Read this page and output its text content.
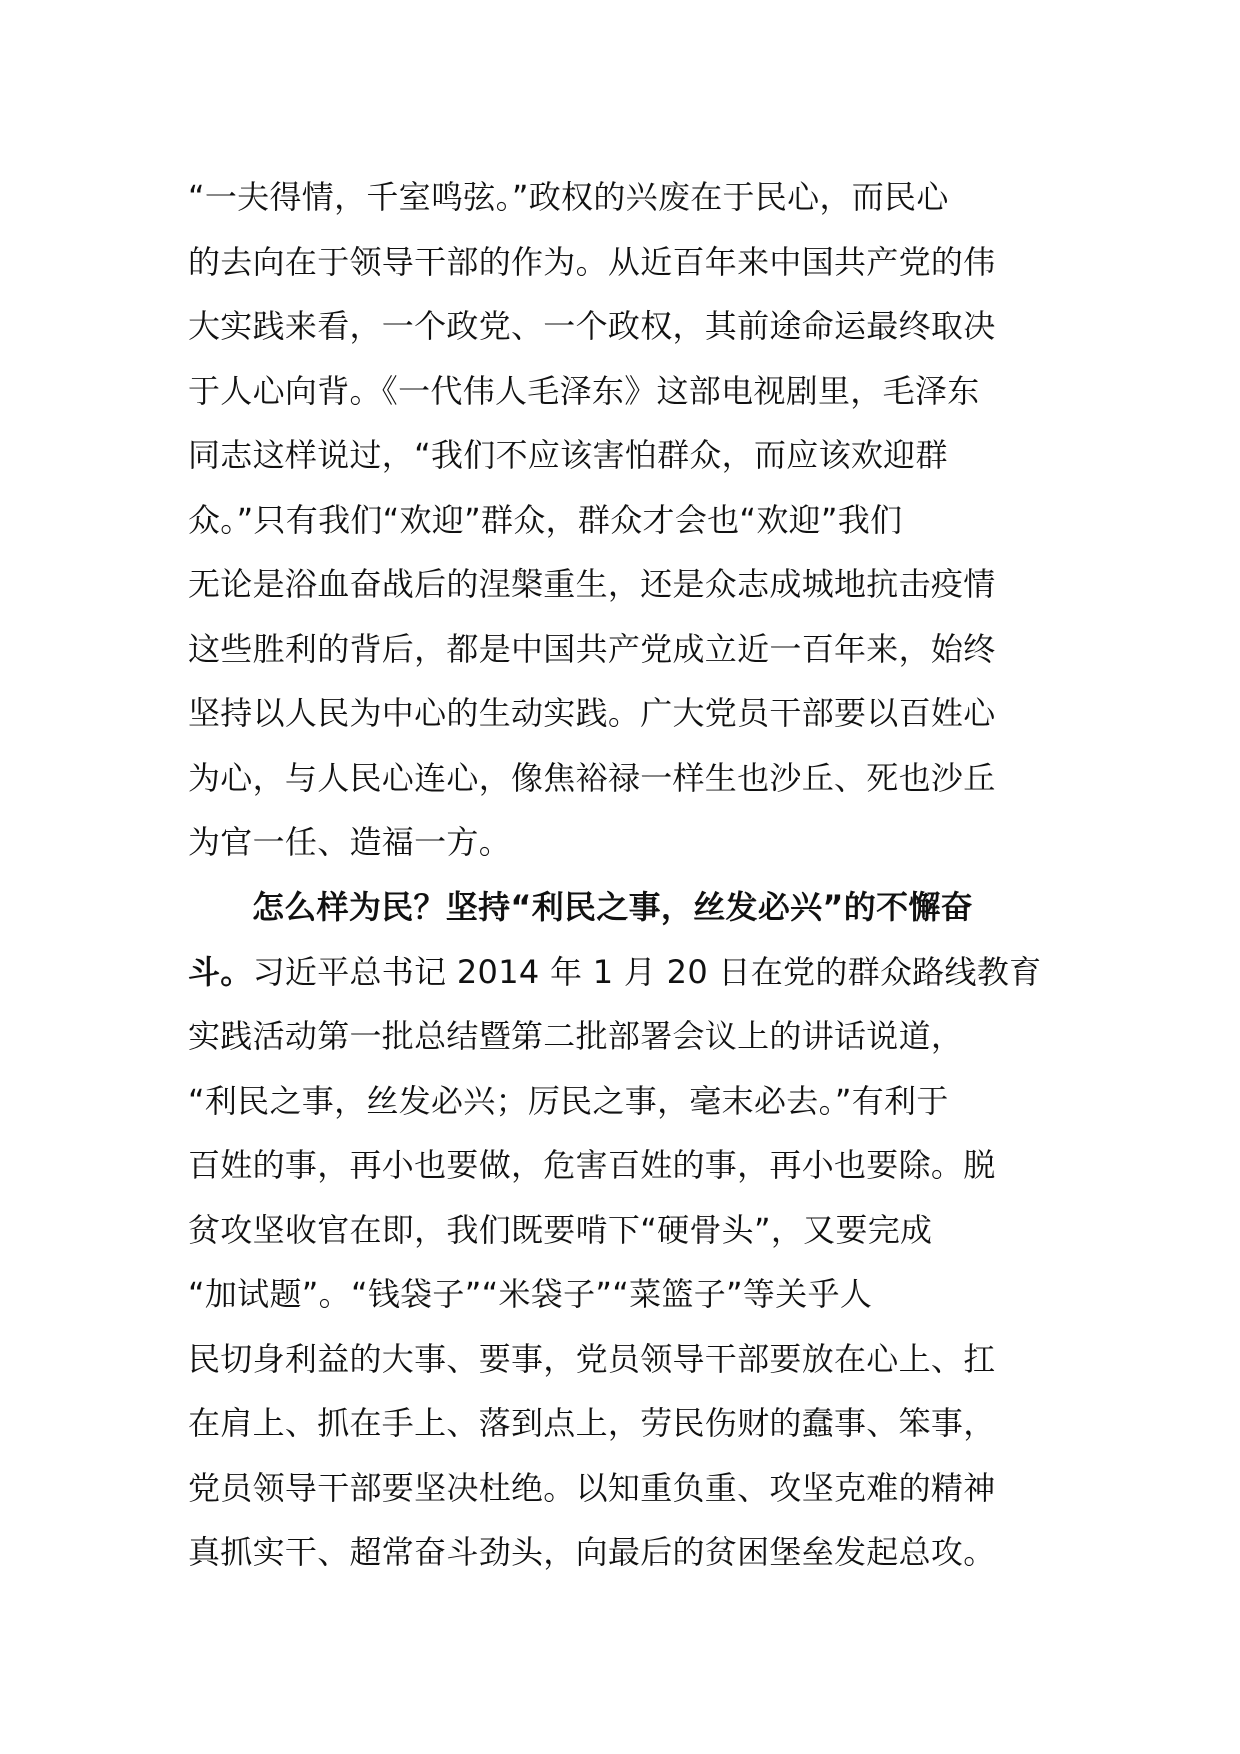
“一夫得情，千室鸣弦。”政权的兴废在于民心，而民心
的去向在于领导干部的作为。从近百年来中国共产党的伟
大实践来看，一个政党、一个政权，其前途命运最终取决
于人心向背。《一代伟人毛泽东》这部电视剧里，毛泽东
同志这样说过，“我们不应该害怕群众，而应该欢迎群
众。”只有我们“欢迎”群众，群众才会也“欢迎”我们
无论是浴血奋战后的涅槃重生，还是众志成城地抗击疫情
这些胜利的背后，都是中国共产党成立近一百年来，始终
坚持以人民为中心的生动实践。广大党员干部要以百姓心
为心，与人民心连心，像焦裕禄一样生也沙丘、死也沙丘
为官一任、造福一方。
怎么样为民？坚持“利民之事，丝发必兴”的不懈奋
斗。习近平总书记 2014 年 1 月 20 日在党的群众路线教育
实践活动第一批总结暨第二批部署会议上的讲话说道，
“利民之事，丝发必兴；厉民之事，毫末必去。”有利于
百姓的事，再小也要做，危害百姓的事，再小也要除。脱
贫攻坚收官在即，我们既要啃下“硬骨头”，又要完成
“加试题”。“钱袋子”“米袋子”“菜篮子”等关乎人
民切身利益的大事、要事，党员领导干部要放在心上、扛
在肩上、抓在手上、落到点上，劳民伤财的蠢事、笨事，
党员领导干部要坚决杜绝。以知重负重、攻坚克难的精神
真抓实干、超常奋斗劲头，向最后的贫困堡垒发起总攻。
